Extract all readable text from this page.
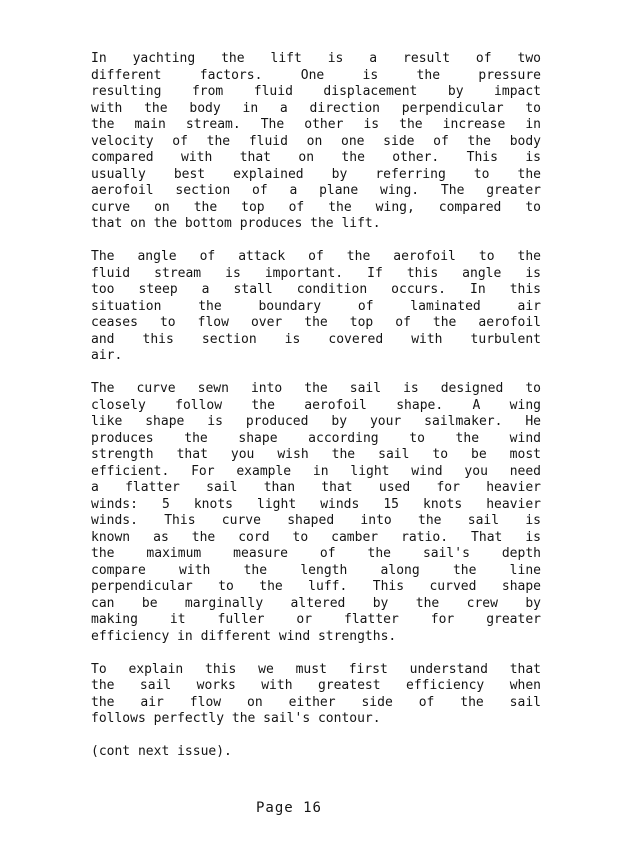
In yachting the lift is a result of two
different factors. One is the pressure
resulting from fluid displacement by impact
with the body in a direction perpendicular to
the main stream. The other is the increase in
velocity of the fluid on one side of the body
compared with that on the other. This is
usually best explained by referring to the
aerofoil section of a plane wing. The greater
curve on the top of the wing, compared to
that on the bottom produces the lift.
The angle of attack of the aerofoil to the
fluid stream is important. If this angle is
too steep a stall condition occurs. In this
situation the boundary of laminated air
ceases to flow over the top of the aerofoil
and this section is covered with turbulent
air.
The curve sewn into the sail is designed to
closely follow the aerofoil shape. A wing
like shape is produced by your sailmaker. He
produces the shape according to the wind
strength that you wish the sail to be most
efficient. For example in light wind you need
a flatter sail than that used for heavier
winds: 5 knots light winds 15 knots heavier
winds. This curve shaped into the sail is
known as the cord to camber ratio. That is
the maximum measure of the sail's depth
compare with the length along the line
perpendicular to the luff. This curved shape
can be marginally altered by the crew by
making it fuller or flatter for greater
efficiency in different wind strengths.
To explain this we must first understand that
the sail works with greatest efficiency when
the air flow on either side of the sail
follows perfectly the sail's contour.
(cont next issue).
Page 16
